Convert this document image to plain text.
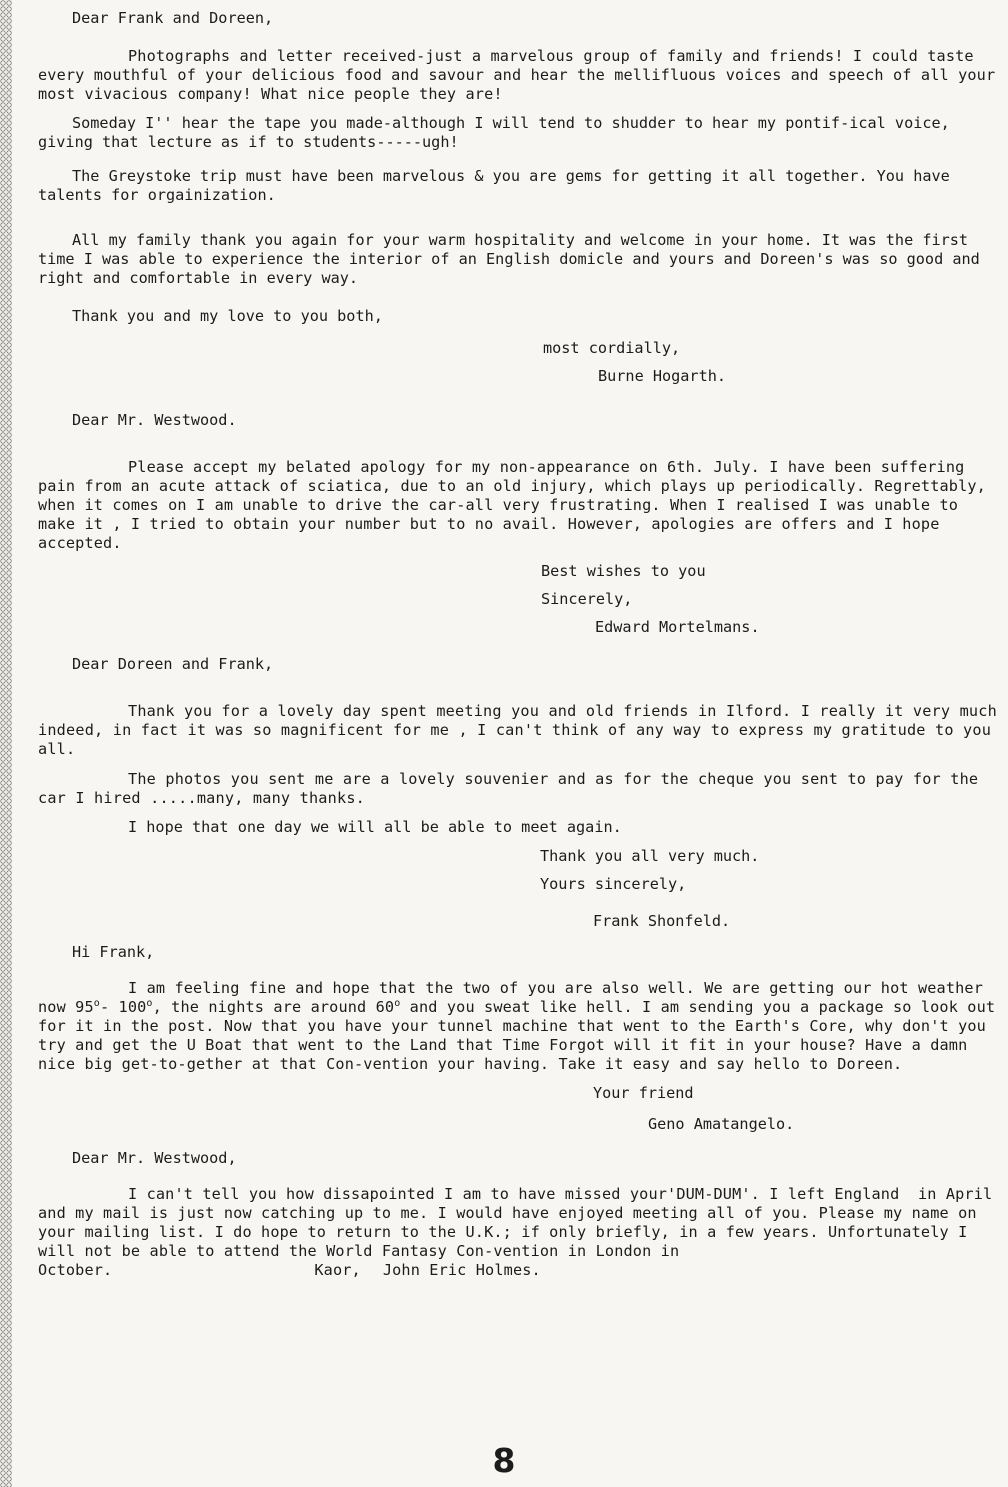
Dear Frank and Doreen,

Photographs and letter received-just a marvelous group of family and friends! I could taste every mouthful of your delicious food and savour and hear the mellifluous voices and speech of all your most vivacious company! What nice people they are!

Someday I'' hear the tape you made-although I will tend to shudder to hear my pontif-ical voice, giving that lecture as if to students-----ugh!

The Greystoke trip must have been marvelous & you are gems for getting it all together. You have talents for orgainization.

All my family thank you again for your warm hospitality and welcome in your home. It was the first time I was able to experience the interior of an English domicle and yours and Doreen's was so good and right and comfortable in every way.

Thank you and my love to you both,

most cordially,

Burne Hogarth.

Dear Mr. Westwood.

Please accept my belated apology for my non-appearance on 6th. July. I have been suffering pain from an acute attack of sciatica, due to an old injury, which plays up periodically. Regrettably, when it comes on I am unable to drive the car-all very frustrating. When I realised I was unable to make it , I tried to obtain your number but to no avail. However, apologies are offers and I hope accepted.

Best wishes to you

Sincerely,

Edward Mortelmans.

Dear Doreen and Frank,

Thank you for a lovely day spent meeting you and old friends in Ilford. I really it very much indeed, in fact it was so magnificent for me , I can't think of any way to express my gratitude to you all.

The photos you sent me are a lovely souvenier and as for the cheque you sent to pay for the car I hired .....many, many thanks.

I hope that one day we will all be able to meet again.

Thank you all very much.

Yours sincerely,

Frank Shonfeld.

Hi Frank,

I am feeling fine and hope that the two of you are also well. We are getting our hot weather now 95$^o$- 100$^o$, the nights are around 60$^o$ and you sweat like hell. I am sending you a package so look out for it in the post. Now that you have your tunnel machine that went to the Earth's Core, why don't you try and get the U Boat that went to the Land that Time Forgot will it fit in your house? Have a damn  nice big get-to-gether at that Con-vention your having. Take it easy and say hello to Doreen.

Your friend

Geno Amatangelo.

Dear Mr. Westwood,

I can't tell you how dissapointed I am to have missed your'DUM-DUM'. I left England  in April and my mail is just now catching up to me. I would have enjoyed meeting all of you. Please my name on your mailing list. I do hope to return to the U.K.; if only briefly, in a few years. Unfortunately I will not be able to attend the World Fantasy Con-vention in London in October.	Kaor, John Eric Holmes.

8
